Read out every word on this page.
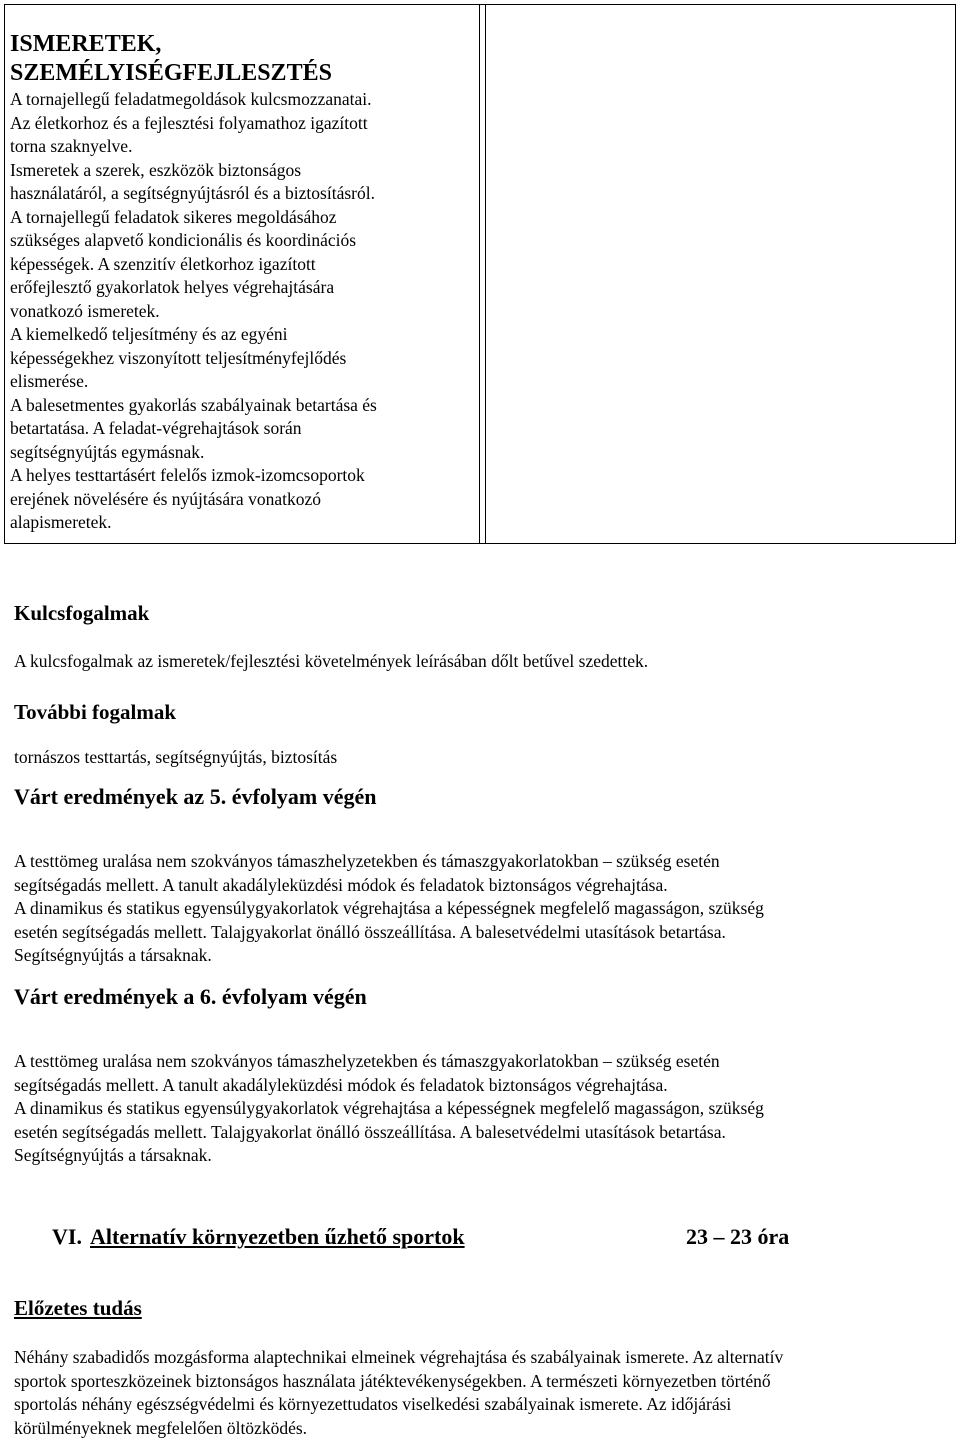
ISMERETEK,

SZEMÉLYISÉGFEJLESZTÉS

A tornajellegű feladatmegoldások kulcsmozzanatai.

Az életkorhoz és a fejlesztési folyamathoz igazított

torna szaknyelve.

Ismeretek a szerek, eszközök biztonságos

használatáról, a segítségnyújtásról és a biztosításról.

A tornajellegű feladatok sikeres megoldásához

szükséges alapvető kondicionális és koordinációs

képességek. A szenzitív életkorhoz igazított

erőfejlesztő gyakorlatok helyes végrehajtására

vonatkozó ismeretek.

A kiemelkedő teljesítmény és az egyéni

képességekhez viszonyított teljesítményfejlődés

elismerése.

A balesetmentes gyakorlás szabályainak betartása és

betartatása. A feladat-végrehajtások során

segítségnyújtás egymásnak.

A helyes testtartásért felelős izmok-izomcsoportok

erejének növelésére és nyújtására vonatkozó

alapismeretek.

Kulcsfogalmak

A kulcsfogalmak az ismeretek/fejlesztési követelmények leírásában dőlt betűvel szedettek.

További fogalmak

tornászos testtartás, segítségnyújtás, biztosítás

Várt eredmények az 5. évfolyam végén

A testtömeg uralása nem szokványos támaszhelyzetekben és támaszgyakorlatokban – szükség esetén

segítségadás mellett. A tanult akadályleküzdési módok és feladatok biztonságos végrehajtása.

A dinamikus és statikus egyensúlygyakorlatok végrehajtása a képességnek megfelelő magasságon, szükség

esetén segítségadás mellett. Talajgyakorlat önálló összeállítása. A balesetvédelmi utasítások betartása.

Segítségnyújtás a társaknak.

Várt eredmények a 6. évfolyam végén

A testtömeg uralása nem szokványos támaszhelyzetekben és támaszgyakorlatokban – szükség esetén

segítségadás mellett. A tanult akadályleküzdési módok és feladatok biztonságos végrehajtása.

A dinamikus és statikus egyensúlygyakorlatok végrehajtása a képességnek megfelelő magasságon, szükség

esetén segítségadás mellett. Talajgyakorlat önálló összeállítása. A balesetvédelmi utasítások betartása.

Segítségnyújtás a társaknak.

VI. Alternatív környezetben űzhető sportok	23 – 23 óra

Előzetes tudás

Néhány szabadidős mozgásforma alaptechnikai elmeinek végrehajtása és szabályainak ismerete. Az alternatív

sportok sporteszközeinek biztonságos használata játéktevékenységekben. A természeti környezetben történő

sportolás néhány egészségvédelmi és környezettudatos viselkedési szabályainak ismerete. Az időjárási

körülményeknek megfelelően öltözködés.
